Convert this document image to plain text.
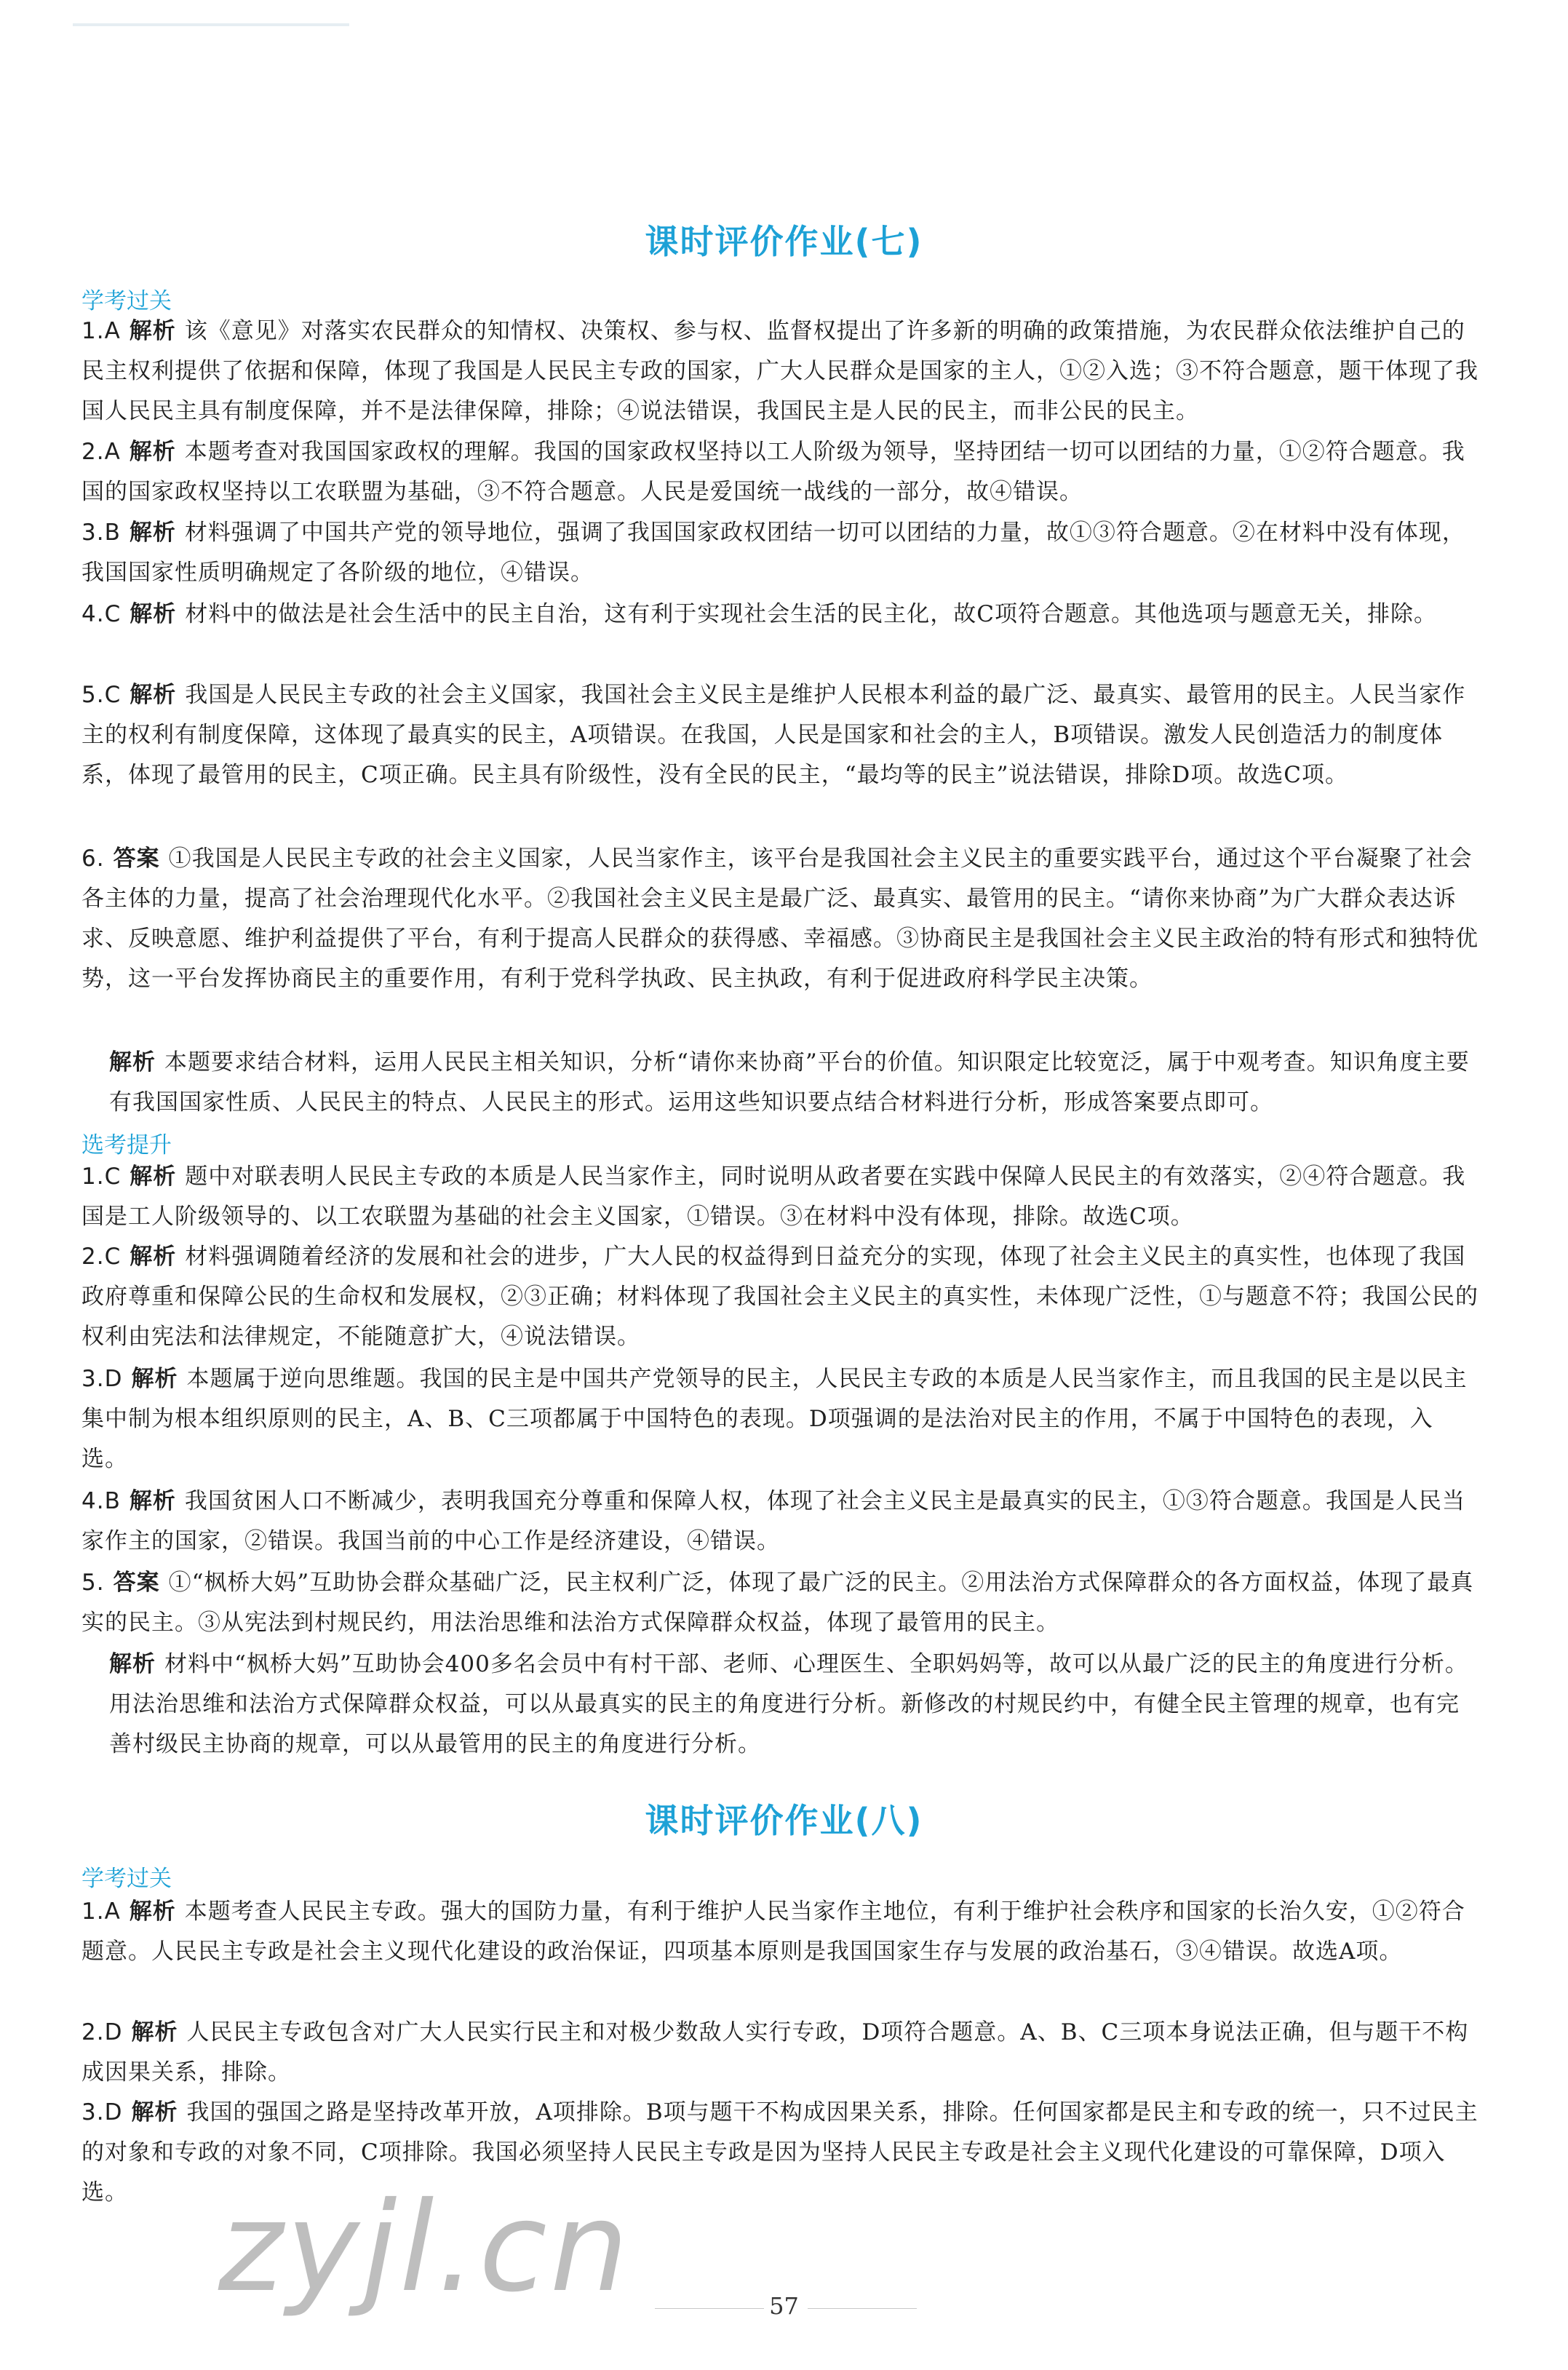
课时评价作业(七)
学考过关
1.A 解析 该《意见》对落实农民群众的知情权、决策权、参与权、监督权提出了许多新的明确的政策措施，为农民群众依法维护自己的民主权利提供了依据和保障，体现了我国是人民民主专政的国家，广大人民群众是国家的主人，①②入选；③不符合题意，题干体现了我国人民民主具有制度保障，并不是法律保障，排除；④说法错误，我国民主是人民的民主，而非公民的民主。
2.A 解析 本题考查对我国国家政权的理解。我国的国家政权坚持以工人阶级为领导，坚持团结一切可以团结的力量，①②符合题意。我国的国家政权坚持以工农联盟为基础，③不符合题意。人民是爱国统一战线的一部分，故④错误。
3.B 解析 材料强调了中国共产党的领导地位，强调了我国国家政权团结一切可以团结的力量，故①③符合题意。②在材料中没有体现，我国国家性质明确规定了各阶级的地位，④错误。
4.C 解析 材料中的做法是社会生活中的民主自治，这有利于实现社会生活的民主化，故C项符合题意。其他选项与题意无关，排除。
5.C 解析 我国是人民民主专政的社会主义国家，我国社会主义民主是维护人民根本利益的最广泛、最真实、最管用的民主。人民当家作主的权利有制度保障，这体现了最真实的民主，A项错误。在我国，人民是国家和社会的主人，B项错误。激发人民创造活力的制度体系，体现了最管用的民主，C项正确。民主具有阶级性，没有全民的民主，“最均等的民主”说法错误，排除D项。故选C项。
6. 答案 ①我国是人民民主专政的社会主义国家，人民当家作主，该平台是我国社会主义民主的重要实践平台，通过这个平台凝聚了社会各主体的力量，提高了社会治理现代化水平。②我国社会主义民主是最广泛、最真实、最管用的民主。“请你来协商”为广大群众表达诉求、反映意愿、维护利益提供了平台，有利于提高人民群众的获得感、幸福感。③协商民主是我国社会主义民主政治的特有形式和独特优势，这一平台发挥协商民主的重要作用，有利于党科学执政、民主执政，有利于促进政府科学民主决策。
解析 本题要求结合材料，运用人民民主相关知识，分析“请你来协商”平台的价值。知识限定比较宽泛，属于中观考查。知识角度主要有我国国家性质、人民民主的特点、人民民主的形式。运用这些知识要点结合材料进行分析，形成答案要点即可。
选考提升
1.C 解析 题中对联表明人民民主专政的本质是人民当家作主，同时说明从政者要在实践中保障人民民主的有效落实，②④符合题意。我国是工人阶级领导的、以工农联盟为基础的社会主义国家，①错误。③在材料中没有体现，排除。故选C项。
2.C 解析 材料强调随着经济的发展和社会的进步，广大人民的权益得到日益充分的实现，体现了社会主义民主的真实性，也体现了我国政府尊重和保障公民的生命权和发展权，②③正确；材料体现了我国社会主义民主的真实性，未体现广泛性，①与题意不符；我国公民的权利由宪法和法律规定，不能随意扩大，④说法错误。
3.D 解析 本题属于逆向思维题。我国的民主是中国共产党领导的民主，人民民主专政的本质是人民当家作主，而且我国的民主是以民主集中制为根本组织原则的民主，A、B、C三项都属于中国特色的表现。D项强调的是法治对民主的作用，不属于中国特色的表现，入选。
4.B 解析 我国贫困人口不断减少，表明我国充分尊重和保障人权，体现了社会主义民主是最真实的民主，①③符合题意。我国是人民当家作主的国家，②错误。我国当前的中心工作是经济建设，④错误。
5. 答案 ①“枫桥大妈”互助协会群众基础广泛，民主权利广泛，体现了最广泛的民主。②用法治方式保障群众的各方面权益，体现了最真实的民主。③从宪法到村规民约，用法治思维和法治方式保障群众权益，体现了最管用的民主。
解析 材料中“枫桥大妈”互助协会400多名会员中有村干部、老师、心理医生、全职妈妈等，故可以从最广泛的民主的角度进行分析。用法治思维和法治方式保障群众权益，可以从最真实的民主的角度进行分析。新修改的村规民约中，有健全民主管理的规章，也有完善村级民主协商的规章，可以从最管用的民主的角度进行分析。
课时评价作业(八)
学考过关
1.A 解析 本题考查人民民主专政。强大的国防力量，有利于维护人民当家作主地位，有利于维护社会秩序和国家的长治久安，①②符合题意。人民民主专政是社会主义现代化建设的政治保证，四项基本原则是我国国家生存与发展的政治基石，③④错误。故选A项。
2.D 解析 人民民主专政包含对广大人民实行民主和对极少数敌人实行专政，D项符合题意。A、B、C三项本身说法正确，但与题干不构成因果关系，排除。
3.D 解析 我国的强国之路是坚持改革开放，A项排除。B项与题干不构成因果关系，排除。任何国家都是民主和专政的统一，只不过民主的对象和专政的对象不同，C项排除。我国必须坚持人民民主专政是因为坚持人民民主专政是社会主义现代化建设的可靠保障，D项入选。 zyjl.cn	57
